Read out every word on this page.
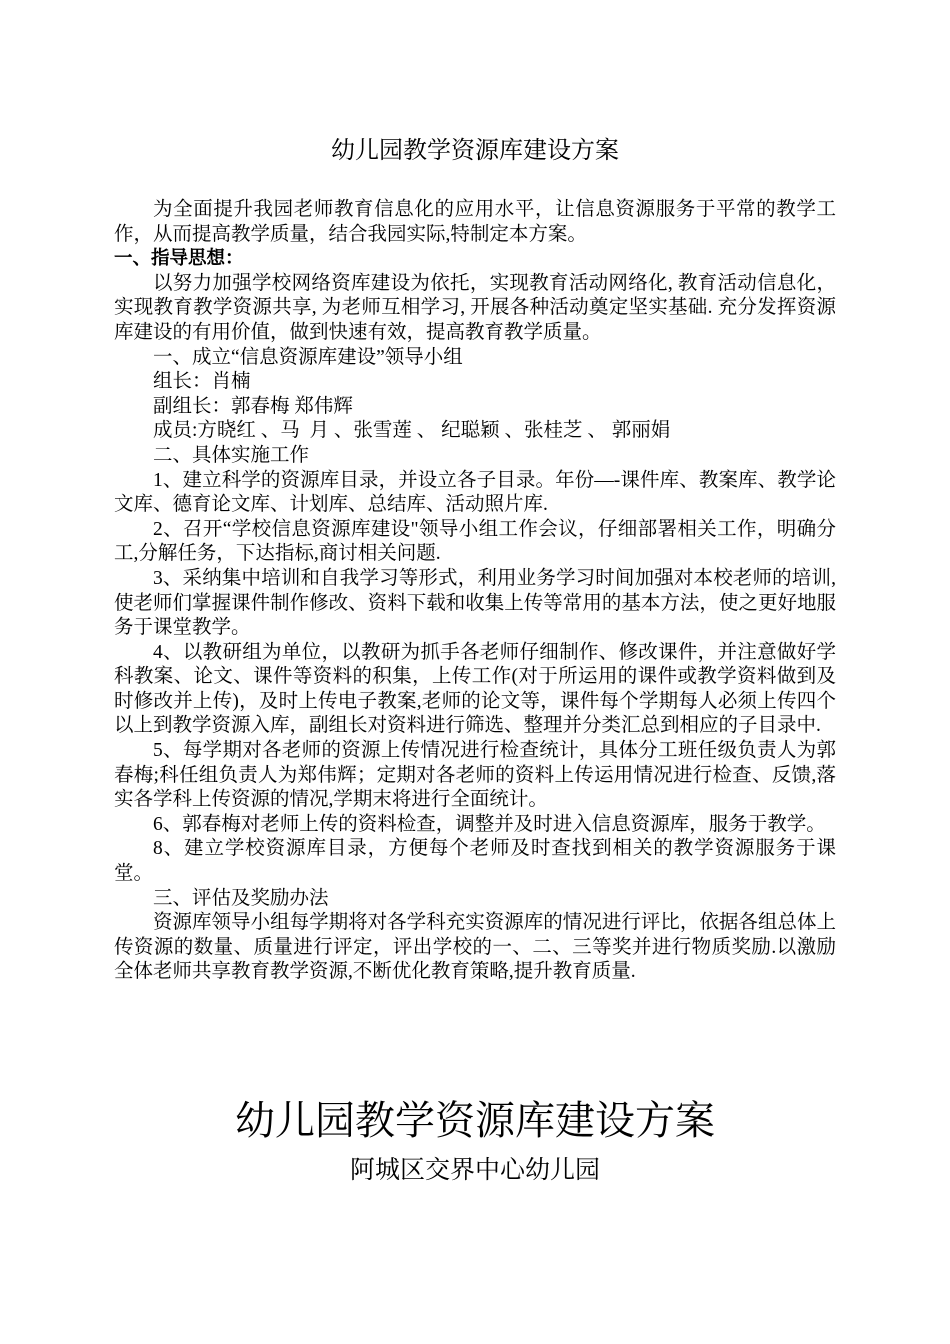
幼儿园教学资源库建设方案

为全面提升我园老师教育信息化的应用水平，让信息资源服务于平常的教学工作，从而提高教学质量，结合我园实际,特制定本方案。

一、指导思想：

以努力加强学校网络资库建设为依托，实现教育活动网络化, 教育活动信息化，实现教育教学资源共享, 为老师互相学习, 开展各种活动奠定坚实基础. 充分发挥资源库建设的有用价值，做到快速有效，提高教育教学质量。

一、成立“信息资源库建设”领导小组

组长：肖楠

副组长：郭春梅 郑伟辉

成员:方晓红 、马  月 、张雪莲 、 纪聪颖 、张桂芝 、 郭丽娟

二、具体实施工作

1、建立科学的资源库目录，并设立各子目录。年份—-课件库、教案库、教学论文库、德育论文库、计划库、总结库、活动照片库.

2、召开“学校信息资源库建设"领导小组工作会议，仔细部署相关工作，明确分工,分解任务，下达指标,商讨相关问题.

3、采纳集中培训和自我学习等形式，利用业务学习时间加强对本校老师的培训,使老师们掌握课件制作修改、资料下载和收集上传等常用的基本方法，使之更好地服务于课堂教学。

4、以教研组为单位，以教研为抓手各老师仔细制作、修改课件，并注意做好学科教案、论文、课件等资料的积集，上传工作(对于所运用的课件或教学资料做到及时修改并上传)，及时上传电子教案,老师的论文等，课件每个学期每人必须上传四个以上到教学资源入库，副组长对资料进行筛选、整理并分类汇总到相应的子目录中.

5、每学期对各老师的资源上传情况进行检查统计，具体分工班任级负责人为郭春梅;科任组负责人为郑伟辉；定期对各老师的资料上传运用情况进行检查、反馈,落实各学科上传资源的情况,学期末将进行全面统计。

6、郭春梅对老师上传的资料检查，调整并及时进入信息资源库，服务于教学。

8、建立学校资源库目录，方便每个老师及时查找到相关的教学资源服务于课堂。

三、评估及奖励办法

资源库领导小组每学期将对各学科充实资源库的情况进行评比，依据各组总体上传资源的数量、质量进行评定，评出学校的一、二、三等奖并进行物质奖励.以激励全体老师共享教育教学资源,不断优化教育策略,提升教育质量.

幼儿园教学资源库建设方案
阿城区交界中心幼儿园
